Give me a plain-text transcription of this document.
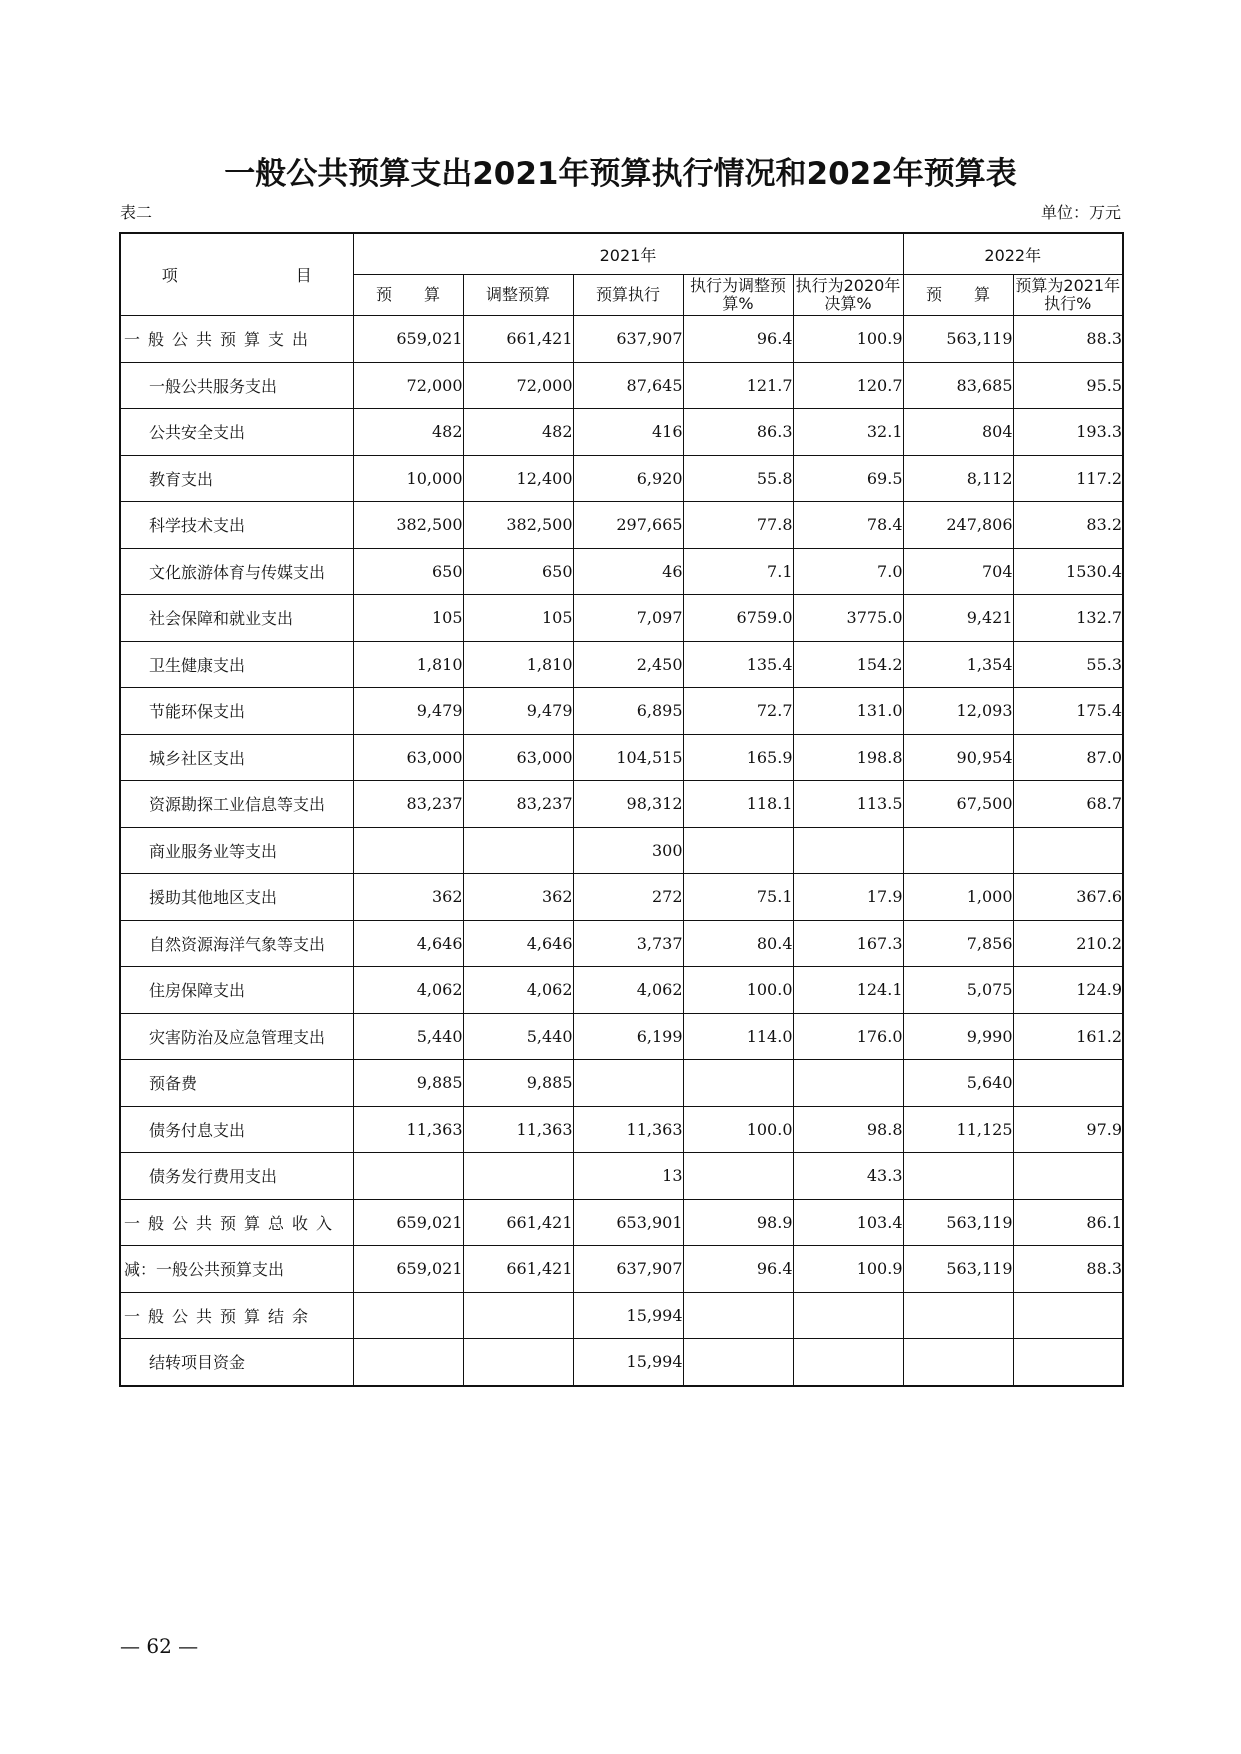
一般公共预算支出2021年预算执行情况和2022年预算表
表二	单位：万元
项　　　　目	2021年					2022年	
	预　　算	调整预算	预算执行	执行为调整预算%	执行为2020年决算%	预　　算	预算为2021年执行%
一般公共预算支出	659,021	661,421	637,907	96.4	100.9	563,119	88.3
一般公共服务支出	72,000	72,000	87,645	121.7	120.7	83,685	95.5
公共安全支出	482	482	416	86.3	32.1	804	193.3
教育支出	10,000	12,400	6,920	55.8	69.5	8,112	117.2
科学技术支出	382,500	382,500	297,665	77.8	78.4	247,806	83.2
文化旅游体育与传媒支出	650	650	46	7.1	7.0	704	1530.4
社会保障和就业支出	105	105	7,097	6759.0	3775.0	9,421	132.7
卫生健康支出	1,810	1,810	2,450	135.4	154.2	1,354	55.3
节能环保支出	9,479	9,479	6,895	72.7	131.0	12,093	175.4
城乡社区支出	63,000	63,000	104,515	165.9	198.8	90,954	87.0
资源勘探工业信息等支出	83,237	83,237	98,312	118.1	113.5	67,500	68.7
商业服务业等支出			300				
援助其他地区支出	362	362	272	75.1	17.9	1,000	367.6
自然资源海洋气象等支出	4,646	4,646	3,737	80.4	167.3	7,856	210.2
住房保障支出	4,062	4,062	4,062	100.0	124.1	5,075	124.9
灾害防治及应急管理支出	5,440	5,440	6,199	114.0	176.0	9,990	161.2
预备费	9,885	9,885				5,640	
债务付息支出	11,363	11,363	11,363	100.0	98.8	11,125	97.9
债务发行费用支出			13		43.3		
一般公共预算总收入	659,021	661,421	653,901	98.9	103.4	563,119	86.1
减：一般公共预算支出	659,021	661,421	637,907	96.4	100.9	563,119	88.3
一般公共预算结余			15,994				
结转项目资金			15,994				
— 62 —
